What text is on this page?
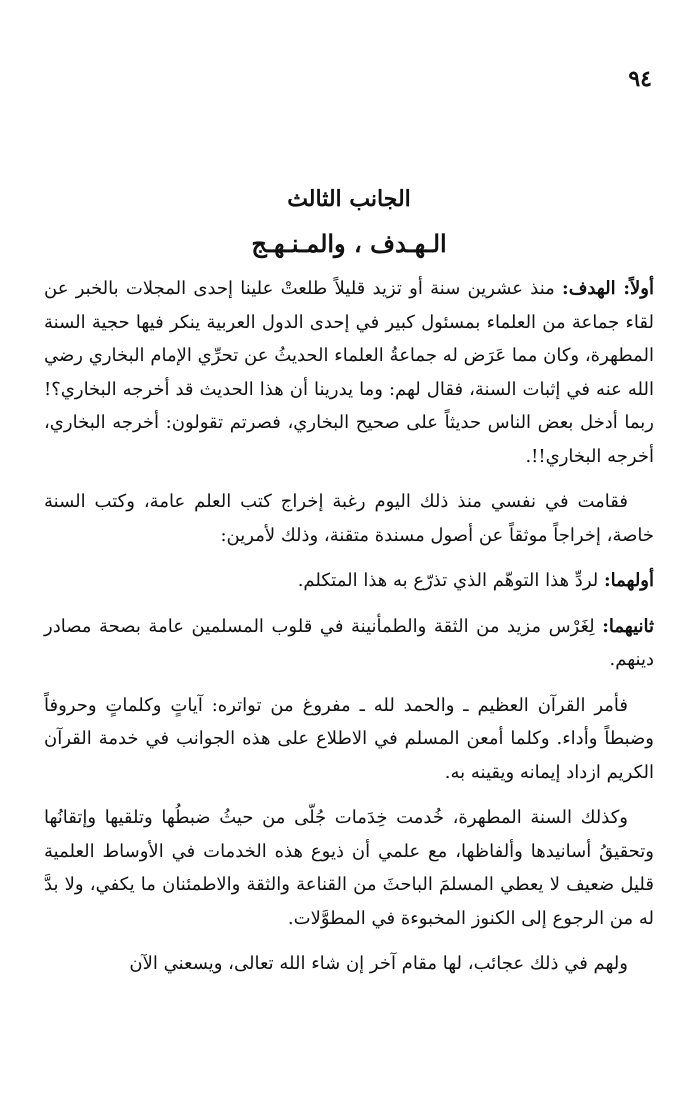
٩٤
الجانب الثالث
الـهـدف ، والمـنـهـج

أولاً: الهدف: منذ عشرين سنة أو تزيد قليلاً طلعتْ علينا إحدى المجلات بالخبر عن لقاء جماعة من العلماء بمسئول كبير في إحدى الدول العربية ينكر فيها حجية السنة المطهرة، وكان مما عَرَض له جماعةُ العلماء الحديثُ عن تحرِّي الإمام البخاري رضي الله عنه في إثبات السنة، فقال لهم: وما يدرينا أن هذا الحديث قد أخرجه البخاري؟! ربما أدخل بعض الناس حديثاً على صحيح البخاري، فصرتم تقولون: أخرجه البخاري، أخرجه البخاري!!.

فقامت في نفسي منذ ذلك اليوم رغبة إخراج كتب العلم عامة، وكتب السنة خاصة، إخراجاً موثقاً عن أصول مسندة متقنة، وذلك لأمرين:

أولهما: لردِّ هذا التوهّم الذي تذرّع به هذا المتكلم.

ثانيهما: لِغَرْس مزيد من الثقة والطمأنينة في قلوب المسلمين عامة بصحة مصادر دينهم.

فأمر القرآن العظيم ـ والحمد لله ـ مفروغ من تواتره: آياتٍ وكلماتٍ وحروفاً وضبطاً وأداء. وكلما أمعن المسلم في الاطلاع على هذه الجوانب في خدمة القرآن الكريم ازداد إيمانه ويقينه به.

وكذلك السنة المطهرة، خُدمت خِدَمات جُلّى من حيثُ ضبطُها وتلقيها وإتقانُها وتحقيقُ أسانيدها وألفاظها، مع علمي أن ذيوع هذه الخدمات في الأوساط العلمية قليل ضعيف لا يعطي المسلمَ الباحثَ من القناعة والثقة والاطمئنان ما يكفي، ولا بدَّ له من الرجوع إلى الكنوز المخبوءة في المطوَّلات.

ولهم في ذلك عجائب، لها مقام آخر إن شاء الله تعالى، ويسعني الآن
